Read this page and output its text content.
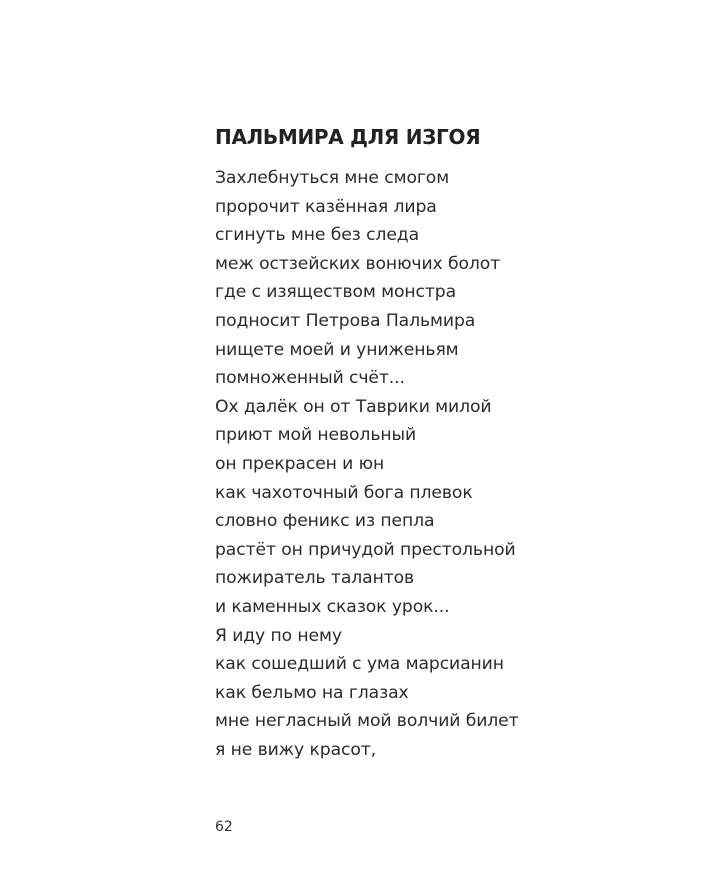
ПАЛЬМИРА ДЛЯ ИЗГОЯ
Захлебнуться мне смогом
пророчит казённая лира
сгинуть мне без следа
меж остзейских вонючих болот
где с изяществом монстра
подносит Петрова Пальмира
нищете моей и униженьям
помноженный счёт...
Ох далёк он от Таврики милой
приют мой невольный
он прекрасен и юн
как чахоточный бога плевок
словно феникс из пепла
растёт он причудой престольной
пожиратель талантов
и каменных сказок урок...
Я иду по нему
как сошедший с ума марсианин
как бельмо на глазах
мне негласный мой волчий билет
я не вижу красот,
62
